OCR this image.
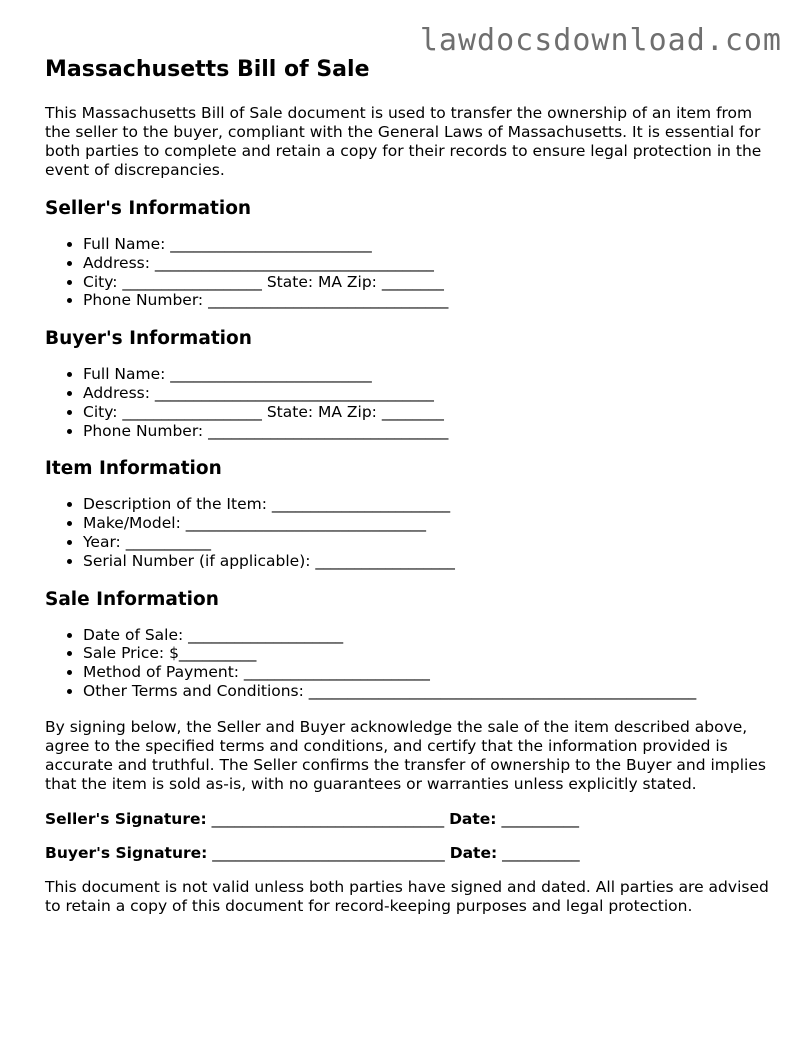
lawdocsdownload.com
Massachusetts Bill of Sale

This Massachusetts Bill of Sale document is used to transfer the ownership of an item from the seller to the buyer, compliant with the General Laws of Massachusetts. It is essential for both parties to complete and retain a copy for their records to ensure legal protection in the event of discrepancies.

Seller's Information
• Full Name: __________________________
• Address: ____________________________________
• City: __________________ State: MA Zip: ________
• Phone Number: _______________________________
Buyer's Information
• Full Name: __________________________
• Address: ____________________________________
• City: __________________ State: MA Zip: ________
• Phone Number: _______________________________
Item Information
• Description of the Item: _______________________
• Make/Model: _______________________________
• Year: ___________
• Serial Number (if applicable): __________________
Sale Information
• Date of Sale: ____________________
• Sale Price: $__________
• Method of Payment: ________________________
• Other Terms and Conditions: __________________________________________________

By signing below, the Seller and Buyer acknowledge the sale of the item described above, agree to the specified terms and conditions, and certify that the information provided is accurate and truthful. The Seller confirms the transfer of ownership to the Buyer and implies that the item is sold as-is, with no guarantees or warranties unless explicitly stated.

Seller's Signature: ______________________________ Date: __________
Buyer's Signature: ______________________________ Date: __________

This document is not valid unless both parties have signed and dated. All parties are advised to retain a copy of this document for record-keeping purposes and legal protection.
